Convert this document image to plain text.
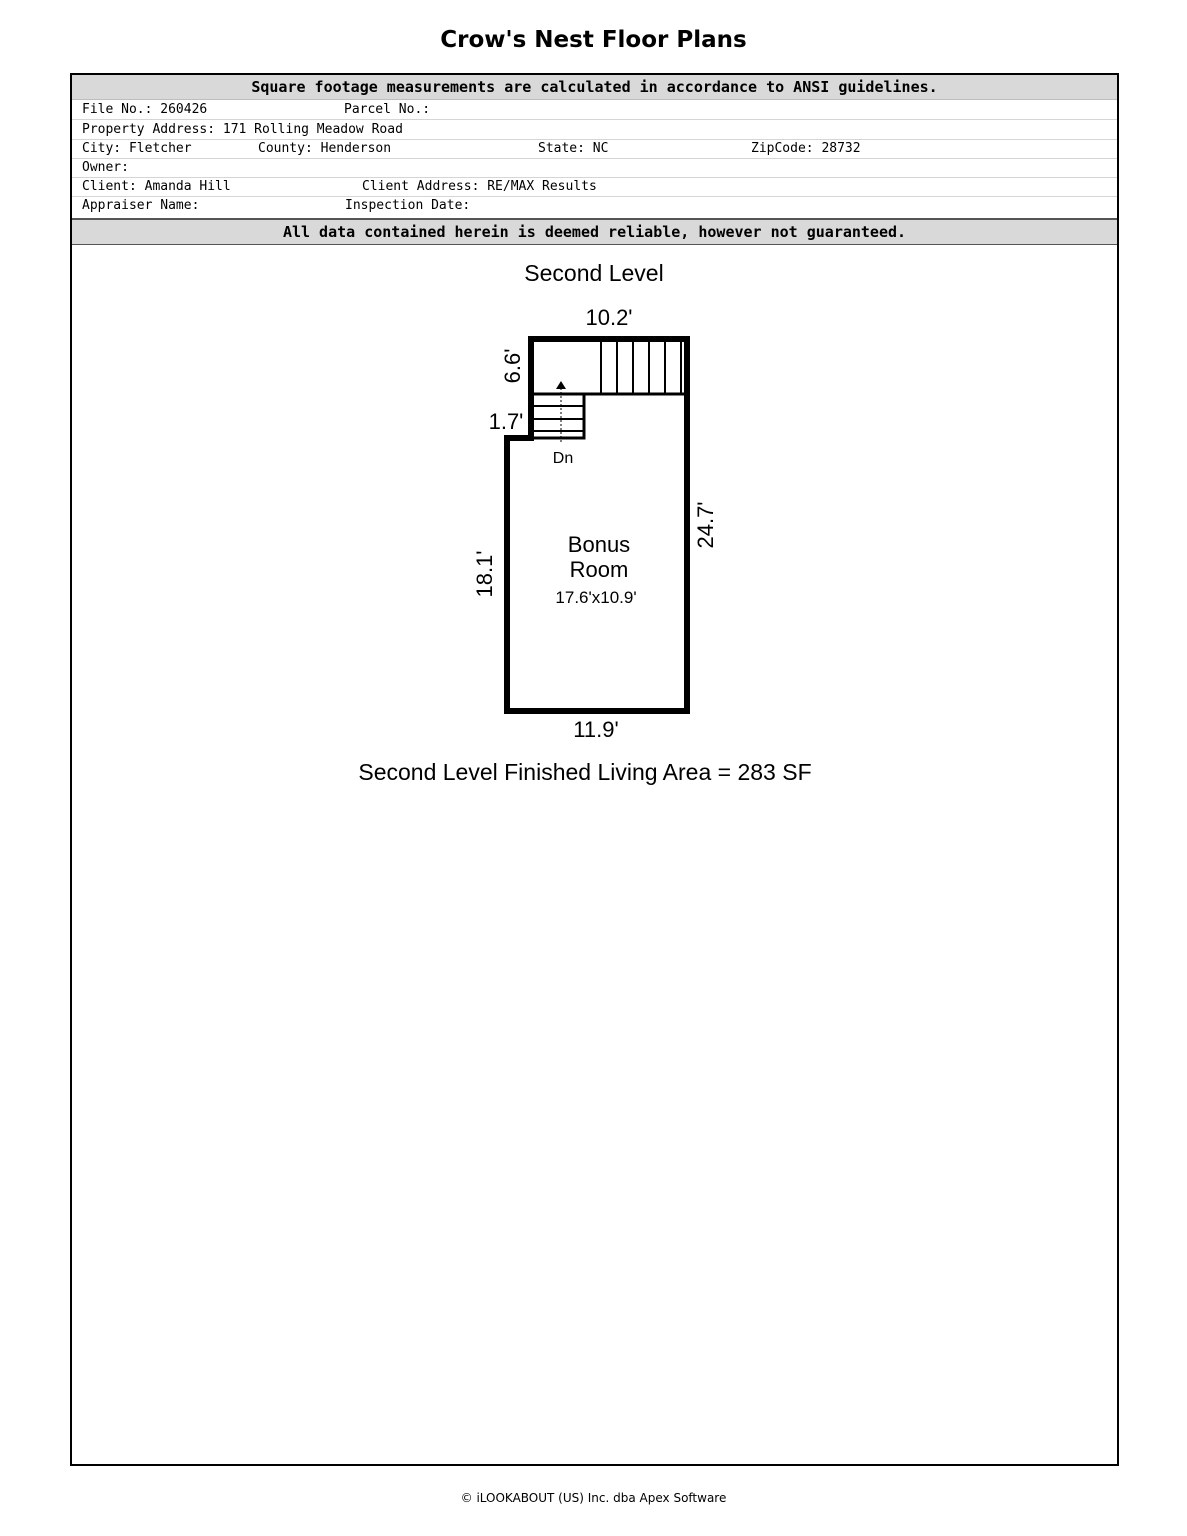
Crow's Nest Floor Plans
Square footage measurements are calculated in accordance to ANSI guidelines.
File No.: 260426	Parcel No.:
Property Address: 171 Rolling Meadow Road
City: Fletcher	County: Henderson	State: NC	ZipCode: 28732
Owner:
Client: Amanda Hill	Client Address: RE/MAX Results
Appraiser Name:	Inspection Date:
All data contained herein is deemed reliable, however not guaranteed.
Second Level
Dn
Bonus
Room
17.6'x10.9'
10.2'
11.9'
1.7'
6.6'
18.1'
24.7'
Second Level Finished Living Area = 283 SF
© iLOOKABOUT (US) Inc. dba Apex Software
